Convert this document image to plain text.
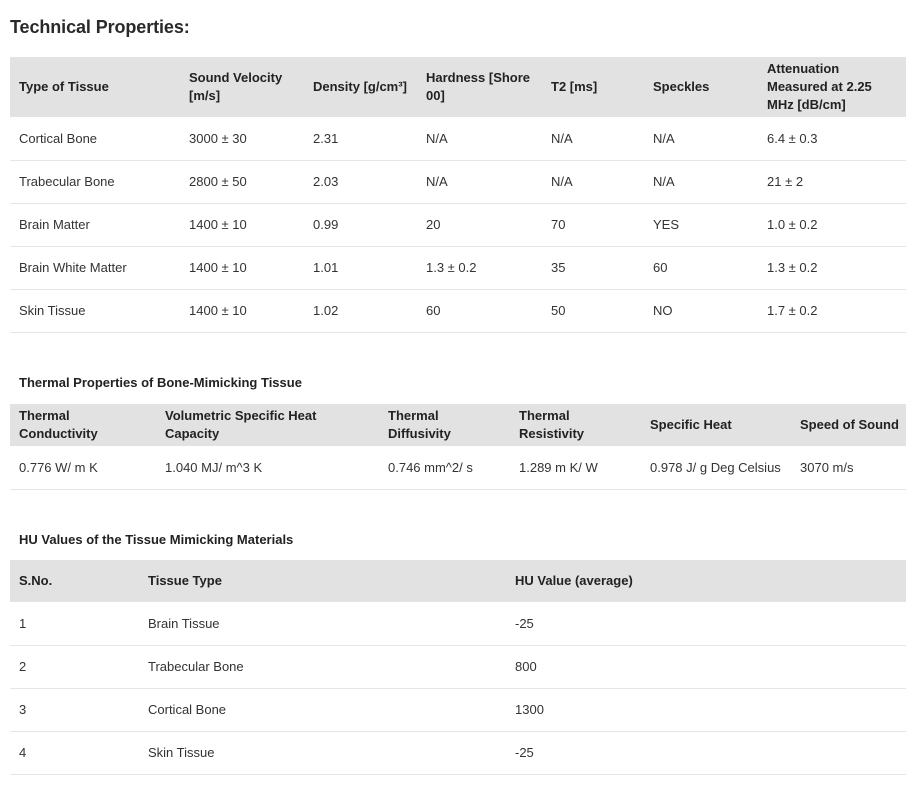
Technical Properties:
Type of Tissue	Sound Velocity [m/s]	Density [g/cm³]	Hardness [Shore 00]	T2 [ms]	Speckles	Attenuation Measured at 2.25 MHz [dB/cm]
Cortical Bone	3000 ± 30	2.31	N/A	N/A	N/A	6.4 ± 0.3
Trabecular Bone	2800 ± 50	2.03	N/A	N/A	N/A	21 ± 2
Brain Matter	1400 ± 10	0.99	20	70	YES	1.0 ± 0.2
Brain White Matter	1400 ± 10	1.01	1.3 ± 0.2	35	60	1.3 ± 0.2
Skin Tissue	1400 ± 10	1.02	60	50	NO	1.7 ± 0.2
Thermal Properties of Bone-Mimicking Tissue
Thermal Conductivity	Volumetric Specific Heat Capacity	Thermal Diffusivity	Thermal Resistivity	Specific Heat	Speed of Sound
0.776 W/ m K	1.040 MJ/ m^3 K	0.746 mm^2/ s	1.289 m K/ W	0.978 J/ g Deg Celsius	3070 m/s
HU Values of the Tissue Mimicking Materials
S.No.	Tissue Type	HU Value (average)
1	Brain Tissue	-25
2	Trabecular Bone	800
3	Cortical Bone	1300
4	Skin Tissue	-25
